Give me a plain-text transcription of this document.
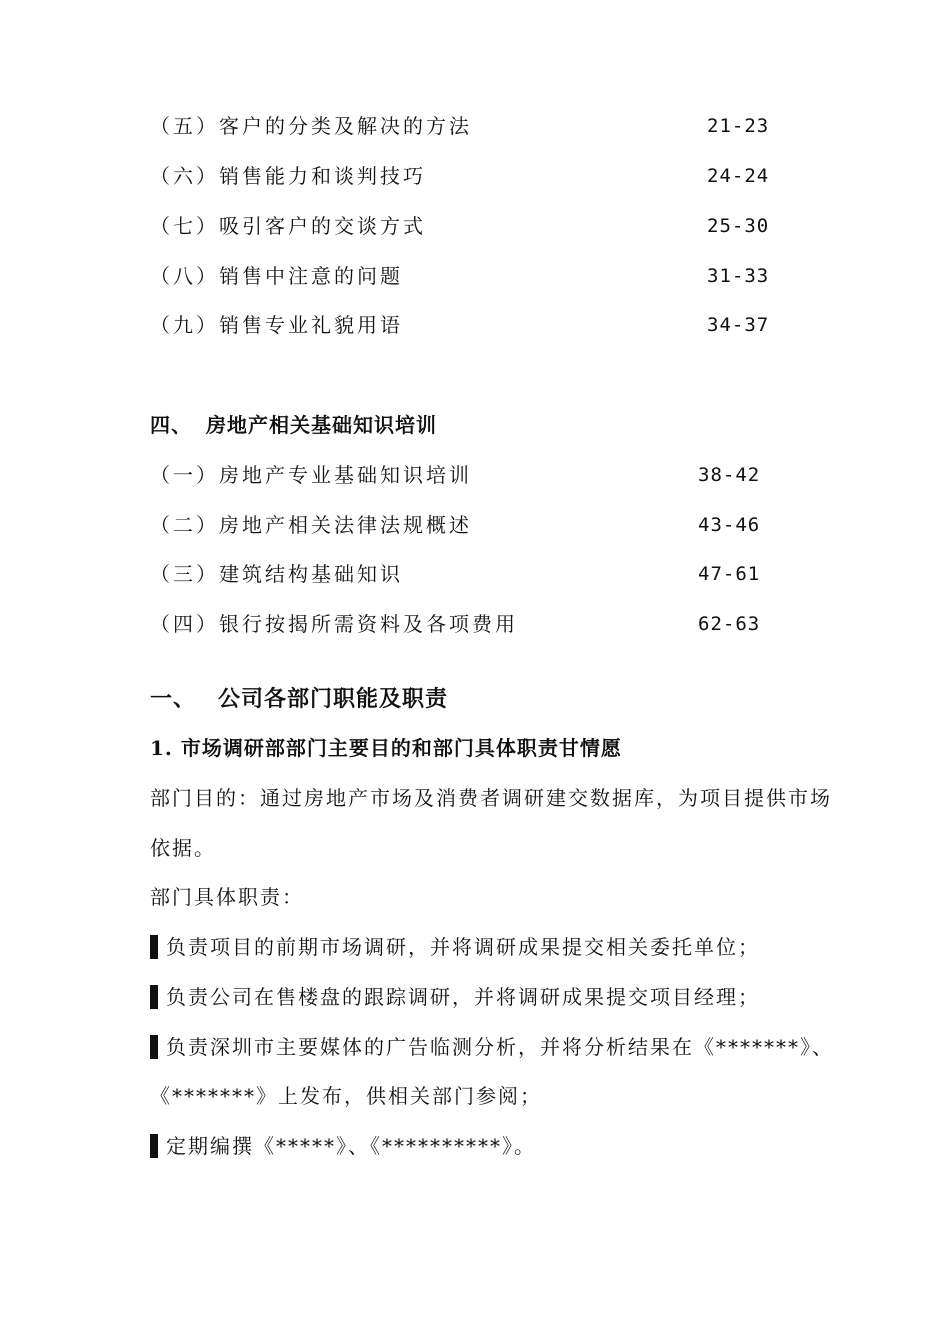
（五）客户的分类及解决的方法	21-23
（六）销售能力和谈判技巧	24-24
（七）吸引客户的交谈方式	25-30
（八）销售中注意的问题	31-33
（九）销售专业礼貌用语	34-37
四、 房地产相关基础知识培训
（一）房地产专业基础知识培训	38-42
（二）房地产相关法律法规概述	43-46
（三）建筑结构基础知识	47-61
（四）银行按揭所需资料及各项费用	62-63
一、 公司各部门职能及职责
1. 市场调研部部门主要目的和部门具体职责甘情愿
部门目的：通过房地产市场及消费者调研建交数据库，为项目提供市场
依据。
部门具体职责：
负责项目的前期市场调研，并将调研成果提交相关委托单位；
负责公司在售楼盘的跟踪调研，并将调研成果提交项目经理；
负责深圳市主要媒体的广告临测分析，并将分析结果在《*******》、
《*******》上发布，供相关部门参阅；
定期编撰《*****》、《**********》。
